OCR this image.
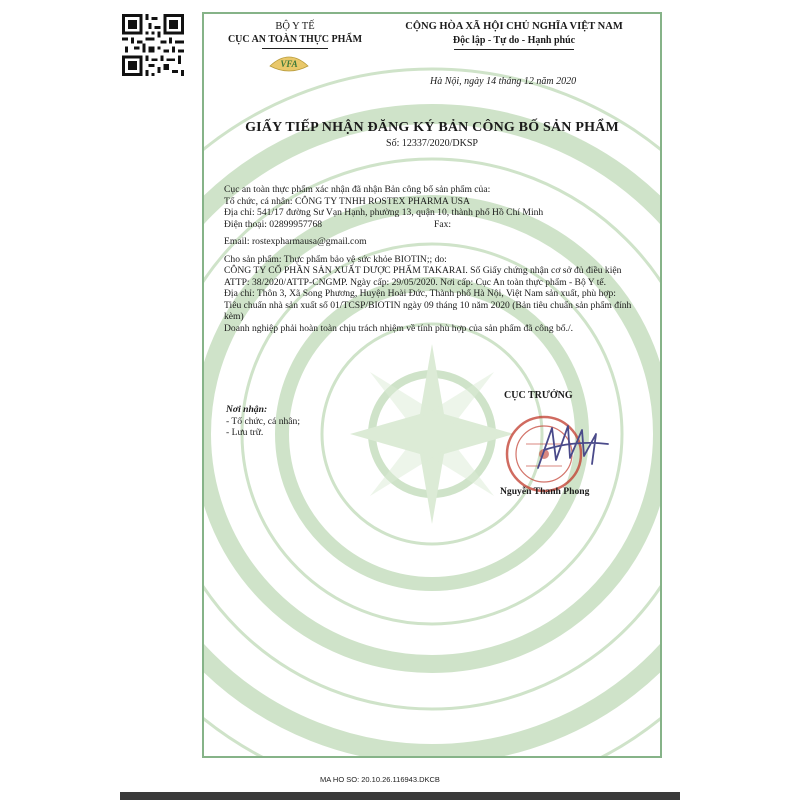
BỘ Y TẾ
CỤC AN TOÀN THỰC PHẨM
VFA
CỘNG HÒA XÃ HỘI CHỦ NGHĨA VIỆT NAM
Độc lập - Tự do - Hạnh phúc
Hà Nội, ngày 14 tháng 12 năm 2020
GIẤY TIẾP NHẬN ĐĂNG KÝ BẢN CÔNG BỐ SẢN PHẨM
Số: 12337/2020/DKSP
Cục an toàn thực phẩm xác nhận đã nhận Bản công bố sản phẩm của:
Tổ chức, cá nhân: CÔNG TY TNHH ROSTEX PHARMA USA
Địa chỉ: 541/17 đường Sư Vạn Hạnh, phường 13, quận 10, thành phố Hồ Chí Minh
Điện thoại: 02899957768	Fax:
Email: rostexpharmausa@gmail.com
Cho sản phẩm: Thực phẩm bảo vệ sức khỏe BIOTIN;; do:
CÔNG TY CỔ PHẦN SẢN XUẤT DƯỢC PHẨM TAKARAI. Số Giấy chứng nhận cơ sở đủ điều kiện ATTP: 38/2020/ATTP-CNGMP. Ngày cấp: 29/05/2020. Nơi cấp: Cục An toàn thực phẩm - Bộ Y tế.
Địa chỉ: Thôn 3, Xã Song Phương, Huyện Hoài Đức, Thành phố Hà Nội, Việt Nam sản xuất, phù hợp:
Tiêu chuẩn nhà sản xuất số 01/TCSP/BIOTIN ngày 09 tháng 10 năm 2020 (Bản tiêu chuẩn sản phẩm đính kèm)
Doanh nghiệp phải hoàn toàn chịu trách nhiệm về tính phù hợp của sản phẩm đã công bố./.
Nơi nhận:
- Tổ chức, cá nhân;
- Lưu trữ.
CỤC TRƯỞNG
Nguyễn Thanh Phong
MA HO SO: 20.10.26.116943.DKCB
